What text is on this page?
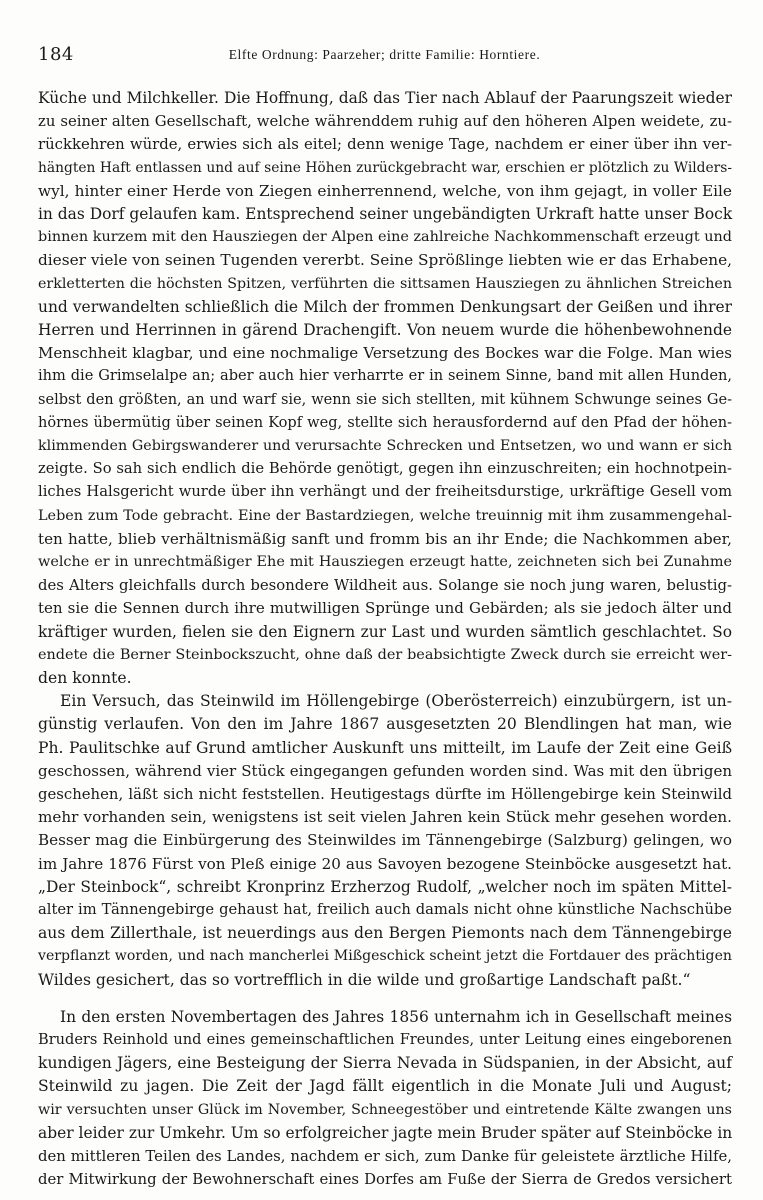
184	Elfte Ordnung: Paarzeher; dritte Familie: Horntiere.
Küche und Milchkeller. Die Hoffnung, daß das Tier nach Ablauf der Paarungszeit wieder
zu seiner alten Gesellschaft, welche währenddem ruhig auf den höheren Alpen weidete, zu-
rückkehren würde, erwies sich als eitel; denn wenige Tage, nachdem er einer über ihn ver-
hängten Haft entlassen und auf seine Höhen zurückgebracht war, erschien er plötzlich zu Wilders-
wyl, hinter einer Herde von Ziegen einherrennend, welche, von ihm gejagt, in voller Eile
in das Dorf gelaufen kam. Entsprechend seiner ungebändigten Urkraft hatte unser Bock
binnen kurzem mit den Hausziegen der Alpen eine zahlreiche Nachkommenschaft erzeugt und
dieser viele von seinen Tugenden vererbt. Seine Sprößlinge liebten wie er das Erhabene,
erkletterten die höchsten Spitzen, verführten die sittsamen Hausziegen zu ähnlichen Streichen
und verwandelten schließlich die Milch der frommen Denkungsart der Geißen und ihrer
Herren und Herrinnen in gärend Drachengift. Von neuem wurde die höhenbewohnende
Menschheit klagbar, und eine nochmalige Versetzung des Bockes war die Folge. Man wies
ihm die Grimselalpe an; aber auch hier verharrte er in seinem Sinne, band mit allen Hunden,
selbst den größten, an und warf sie, wenn sie sich stellten, mit kühnem Schwunge seines Ge-
hörnes übermütig über seinen Kopf weg, stellte sich herausfordernd auf den Pfad der höhen-
klimmenden Gebirgswanderer und verursachte Schrecken und Entsetzen, wo und wann er sich
zeigte. So sah sich endlich die Behörde genötigt, gegen ihn einzuschreiten; ein hochnotpein-
liches Halsgericht wurde über ihn verhängt und der freiheitsdurstige, urkräftige Gesell vom
Leben zum Tode gebracht. Eine der Bastardziegen, welche treuinnig mit ihm zusammengehal-
ten hatte, blieb verhältnismäßig sanft und fromm bis an ihr Ende; die Nachkommen aber,
welche er in unrechtmäßiger Ehe mit Hausziegen erzeugt hatte, zeichneten sich bei Zunahme
des Alters gleichfalls durch besondere Wildheit aus. Solange sie noch jung waren, belustig-
ten sie die Sennen durch ihre mutwilligen Sprünge und Gebärden; als sie jedoch älter und
kräftiger wurden, fielen sie den Eignern zur Last und wurden sämtlich geschlachtet. So
endete die Berner Steinbockszucht, ohne daß der beabsichtigte Zweck durch sie erreicht wer-
den konnte.
Ein Versuch, das Steinwild im Höllengebirge (Oberösterreich) einzubürgern, ist un-
günstig verlaufen. Von den im Jahre 1867 ausgesetzten 20 Blendlingen hat man, wie
Ph. Paulitschke auf Grund amtlicher Auskunft uns mitteilt, im Laufe der Zeit eine Geiß
geschossen, während vier Stück eingegangen gefunden worden sind. Was mit den übrigen
geschehen, läßt sich nicht feststellen. Heutigestags dürfte im Höllengebirge kein Steinwild
mehr vorhanden sein, wenigstens ist seit vielen Jahren kein Stück mehr gesehen worden.
Besser mag die Einbürgerung des Steinwildes im Tännengebirge (Salzburg) gelingen, wo
im Jahre 1876 Fürst von Pleß einige 20 aus Savoyen bezogene Steinböcke ausgesetzt hat.
„Der Steinbock“, schreibt Kronprinz Erzherzog Rudolf, „welcher noch im späten Mittel-
alter im Tännengebirge gehaust hat, freilich auch damals nicht ohne künstliche Nachschübe
aus dem Zillerthale, ist neuerdings aus den Bergen Piemonts nach dem Tännengebirge
verpflanzt worden, und nach mancherlei Mißgeschick scheint jetzt die Fortdauer des prächtigen
Wildes gesichert, das so vortrefflich in die wilde und großartige Landschaft paßt.“
In den ersten Novembertagen des Jahres 1856 unternahm ich in Gesellschaft meines
Bruders Reinhold und eines gemeinschaftlichen Freundes, unter Leitung eines eingeborenen
kundigen Jägers, eine Besteigung der Sierra Nevada in Südspanien, in der Absicht, auf
Steinwild zu jagen. Die Zeit der Jagd fällt eigentlich in die Monate Juli und August;
wir versuchten unser Glück im November, Schneegestöber und eintretende Kälte zwangen uns
aber leider zur Umkehr. Um so erfolgreicher jagte mein Bruder später auf Steinböcke in
den mittleren Teilen des Landes, nachdem er sich, zum Danke für geleistete ärztliche Hilfe,
der Mitwirkung der Bewohnerschaft eines Dorfes am Fuße der Sierra de Gredos versichert
